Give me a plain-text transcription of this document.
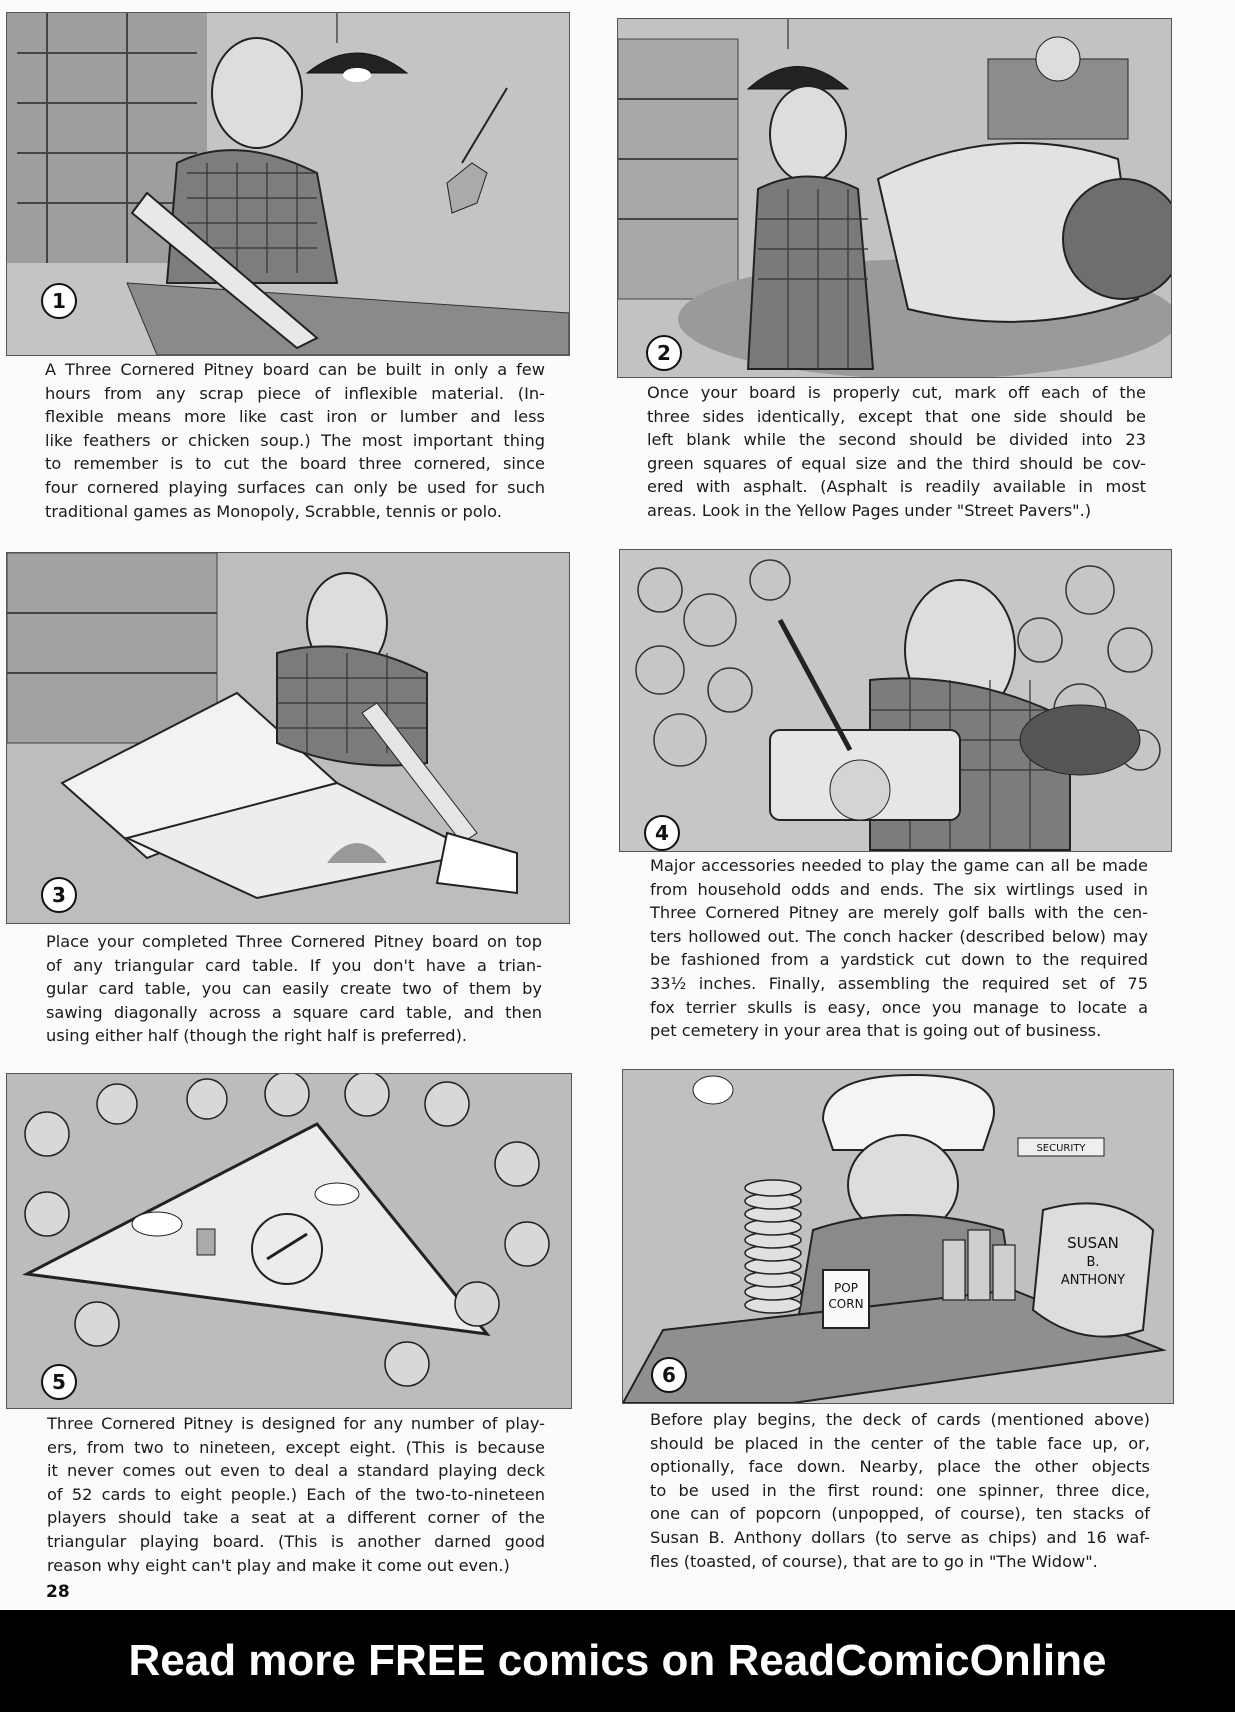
1

A Three Cornered Pitney board can be built in only a few
hours from any scrap piece of inflexible material. (In-
flexible means more like cast iron or lumber and less
like feathers or chicken soup.) The most important thing
to remember is to cut the board three cornered, since
four cornered playing surfaces can only be used for such
traditional games as Monopoly, Scrabble, tennis or polo.

2

Once your board is properly cut, mark off each of the
three sides identically, except that one side should be
left blank while the second should be divided into 23
green squares of equal size and the third should be cov-
ered with asphalt. (Asphalt is readily available in most
areas. Look in the Yellow Pages under "Street Pavers".)

3

Place your completed Three Cornered Pitney board on top
of any triangular card table. If you don't have a trian-
gular card table, you can easily create two of them by
sawing diagonally across a square card table, and then
using either half (though the right half is preferred).

4

Major accessories needed to play the game can all be made
from household odds and ends. The six wirtlings used in
Three Cornered Pitney are merely golf balls with the cen-
ters hollowed out. The conch hacker (described below) may
be fashioned from a yardstick cut down to the required
33½ inches. Finally, assembling the required set of 75
fox terrier skulls is easy, once you manage to locate a
pet cemetery in your area that is going out of business.

5

Three Cornered Pitney is designed for any number of play-
ers, from two to nineteen, except eight. (This is because
it never comes out even to deal a standard playing deck
of 52 cards to eight people.) Each of the two-to-nineteen
players should take a seat at a different corner of the
triangular playing board. (This is another darned good
reason why eight can't play and make it come out even.)

POP
CORN
SUSAN
B.
ANTHONY
SECURITY
6

Before play begins, the deck of cards (mentioned above)
should be placed in the center of the table face up, or,
optionally, face down. Nearby, place the other objects
to be used in the first round: one spinner, three dice,
one can of popcorn (unpopped, of course), ten stacks of
Susan B. Anthony dollars (to serve as chips) and 16 waf-
fles (toasted, of course), that are to go in "The Widow".

28
Read more FREE comics on ReadComicOnline
